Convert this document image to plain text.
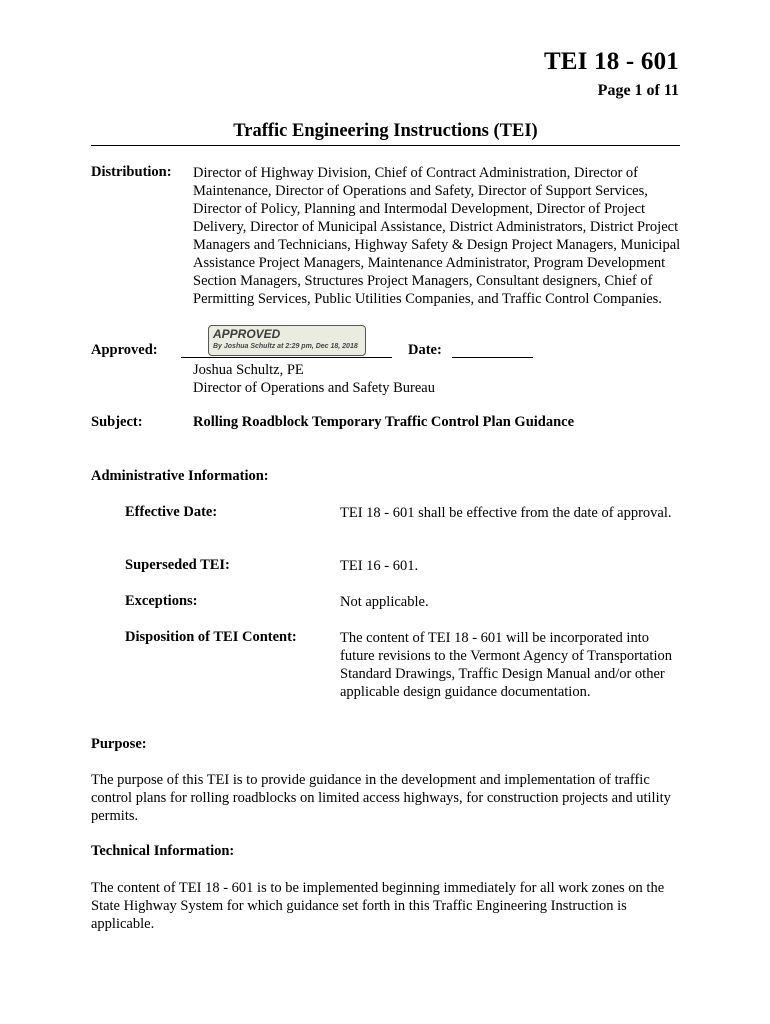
TEI 18 - 601
Page 1 of 11
Traffic Engineering Instructions (TEI)
Distribution: Director of Highway Division, Chief of Contract Administration, Director of Maintenance, Director of Operations and Safety, Director of Support Services, Director of Policy, Planning and Intermodal Development, Director of Project Delivery, Director of Municipal Assistance, District Administrators, District Project Managers and Technicians, Highway Safety & Design Project Managers, Municipal Assistance Project Managers, Maintenance Administrator, Program Development Section Managers, Structures Project Managers, Consultant designers, Chief of Permitting Services, Public Utilities Companies, and Traffic Control Companies.
Approved:
APPROVED
By Joshua Schultz at 2:29 pm, Dec 18, 2018	Date:
Joshua Schultz, PE
Director of Operations and Safety Bureau
Subject:	Rolling Roadblock Temporary Traffic Control Plan Guidance
Administrative Information:
Effective Date:	TEI 18 - 601 shall be effective from the date of approval.
Superseded TEI:	TEI 16 - 601.
Exceptions:	Not applicable.
Disposition of TEI Content:	The content of TEI 18 - 601 will be incorporated into future revisions to the Vermont Agency of Transportation Standard Drawings, Traffic Design Manual and/or other applicable design guidance documentation.
Purpose:
The purpose of this TEI is to provide guidance in the development and implementation of traffic control plans for rolling roadblocks on limited access highways, for construction projects and utility permits.
Technical Information:
The content of TEI 18 - 601 is to be implemented beginning immediately for all work zones on the State Highway System for which guidance set forth in this Traffic Engineering Instruction is applicable.
